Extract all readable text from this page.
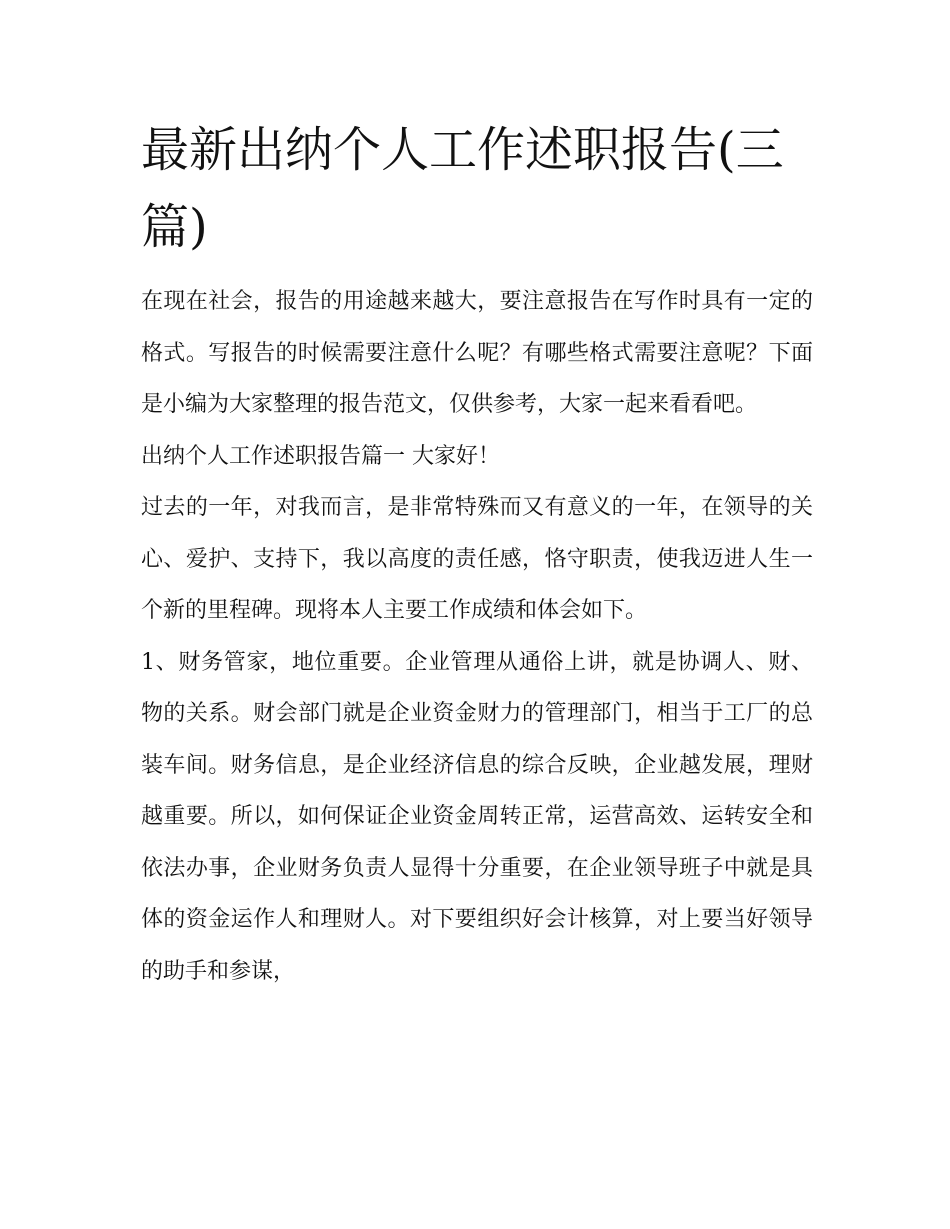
最新出纳个人工作述职报告(三篇)

在现在社会，报告的用途越来越大，要注意报告在写作时具有一定的格式。写报告的时候需要注意什么呢？有哪些格式需要注意呢？下面是小编为大家整理的报告范文，仅供参考，大家一起来看看吧。

出纳个人工作述职报告篇一 大家好！

过去的一年，对我而言，是非常特殊而又有意义的一年，在领导的关心、爱护、支持下，我以高度的责任感，恪守职责，使我迈进人生一个新的里程碑。现将本人主要工作成绩和体会如下。

1、财务管家，地位重要。企业管理从通俗上讲，就是协调人、财、物的关系。财会部门就是企业资金财力的管理部门，相当于工厂的总装车间。财务信息，是企业经济信息的综合反映，企业越发展，理财越重要。所以，如何保证企业资金周转正常，运营高效、运转安全和依法办事，企业财务负责人显得十分重要，在企业领导班子中就是具体的资金运作人和理财人。对下要组织好会计核算，对上要当好领导的助手和参谋，
